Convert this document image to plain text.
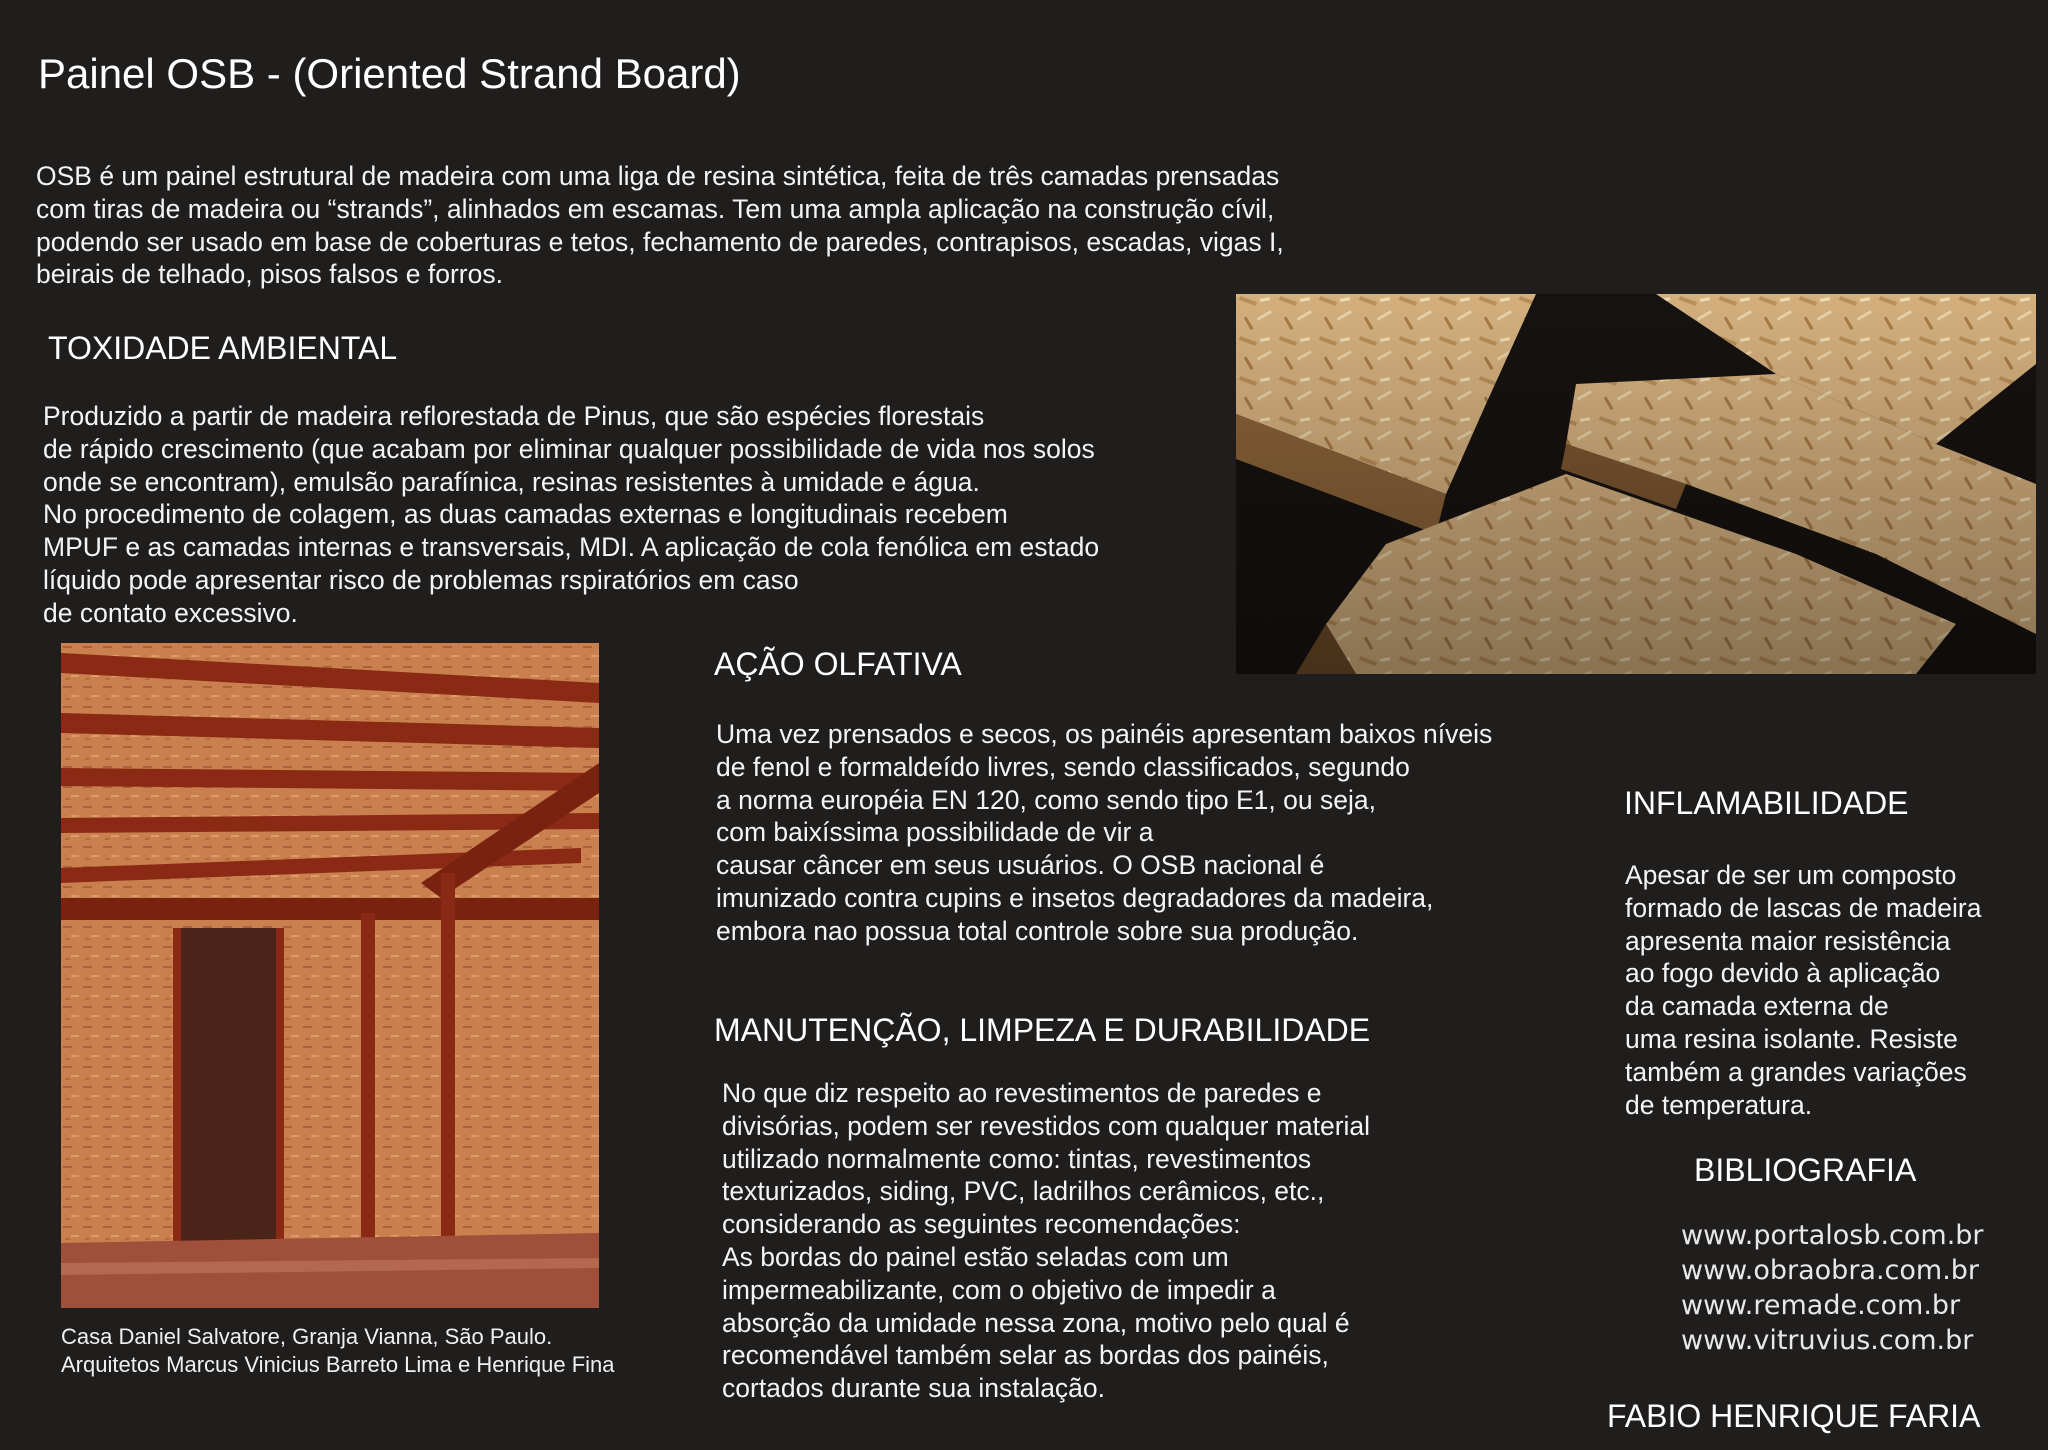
Painel OSB - (Oriented Strand Board)
OSB é um painel estrutural de madeira com uma liga de resina sintética, feita de três camadas prensadas
com tiras de madeira ou “strands”, alinhados em escamas. Tem uma ampla aplicação na construção cívil,
podendo ser usado em base de coberturas e tetos, fechamento de paredes, contrapisos, escadas, vigas I,
beirais de telhado, pisos falsos e forros.
TOXIDADE AMBIENTAL
Produzido a partir de madeira reflorestada de Pinus, que são espécies florestais
de rápido crescimento (que acabam por eliminar qualquer possibilidade de vida nos solos
onde se encontram), emulsão parafínica, resinas resistentes à umidade e água.
No procedimento de colagem, as duas camadas externas e longitudinais recebem
MPUF e as camadas internas e transversais, MDI. A aplicação de cola fenólica em estado
líquido pode apresentar risco de problemas rspiratórios em caso
de contato excessivo.
Casa Daniel Salvatore, Granja Vianna, São Paulo.
Arquitetos Marcus Vinicius Barreto Lima e Henrique Fina
AÇÃO OLFATIVA
Uma vez prensados e secos, os painéis apresentam baixos níveis
de fenol e formaldeído livres, sendo classificados, segundo
a norma européia EN 120, como sendo tipo E1, ou seja,
com baixíssima possibilidade de vir a
causar câncer em seus usuários. O OSB nacional é
imunizado contra cupins e insetos degradadores da madeira,
embora nao possua total controle sobre sua produção.
MANUTENÇÃO, LIMPEZA E DURABILIDADE
No que diz respeito ao revestimentos de paredes e
divisórias, podem ser revestidos com qualquer material
utilizado normalmente como: tintas, revestimentos
texturizados, siding, PVC, ladrilhos cerâmicos, etc.,
considerando as seguintes recomendações:
As bordas do painel estão seladas com um
impermeabilizante, com o objetivo de impedir a
absorção da umidade nessa zona, motivo pelo qual é
recomendável também selar as bordas dos painéis,
cortados durante sua instalação.
INFLAMABILIDADE
Apesar de ser um composto
formado de lascas de madeira
apresenta maior resistência
ao fogo devido à aplicação
da camada externa de
uma resina isolante. Resiste
também a grandes variações
de temperatura.
BIBLIOGRAFIA
www.portalosb.com.br
www.obraobra.com.br
www.remade.com.br
www.vitruvius.com.br
FABIO HENRIQUE FARIA
